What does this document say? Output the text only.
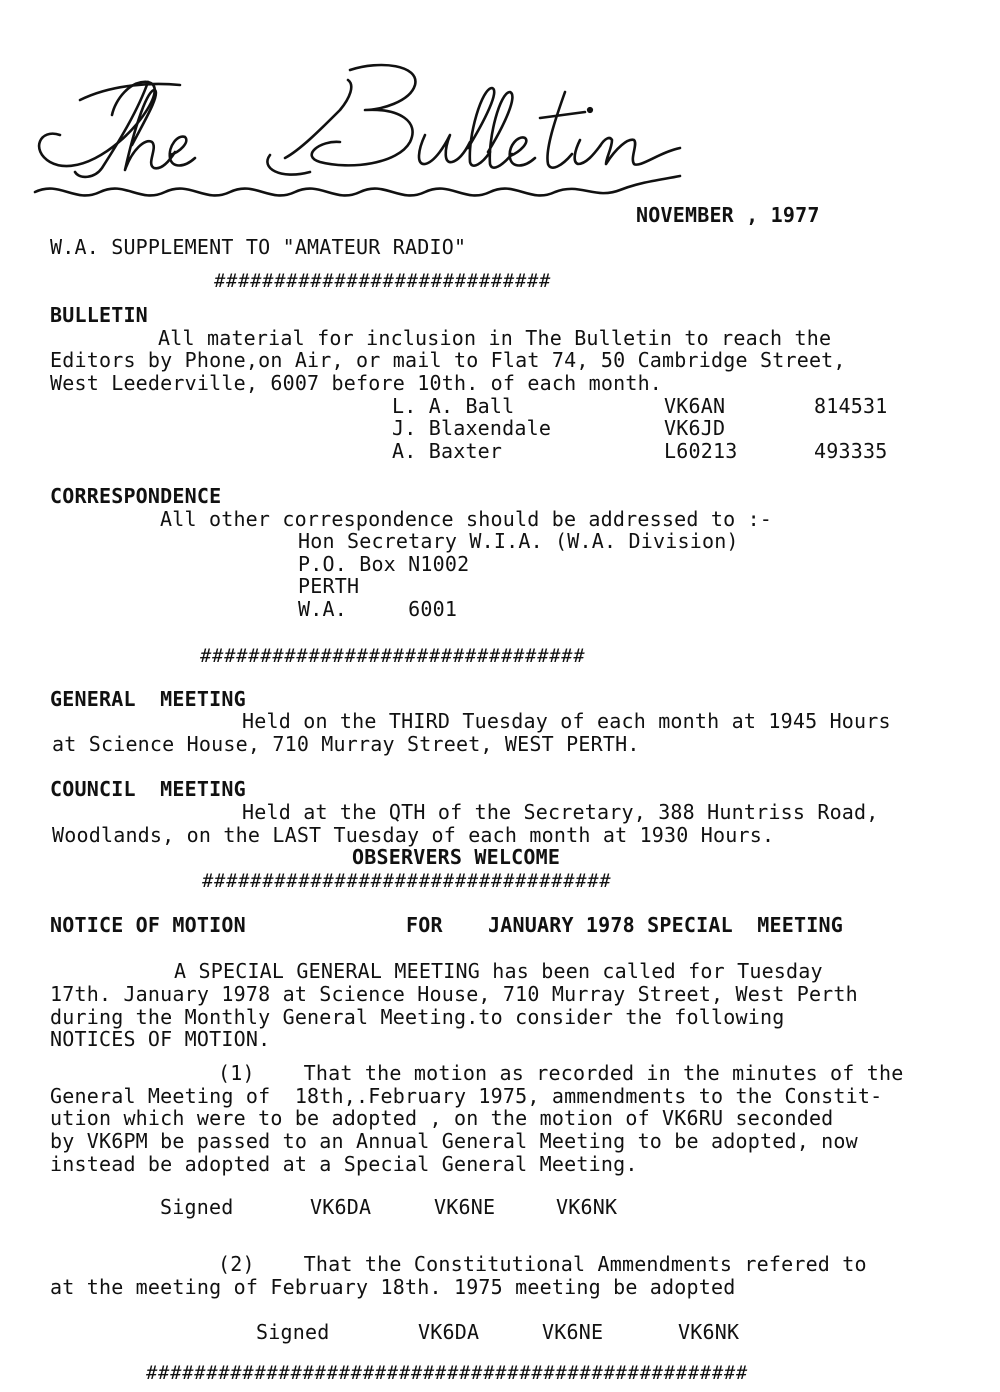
NOVEMBER , 1977
W.A. SUPPLEMENT TO "AMATEUR RADIO"
############################
BULLETIN
All material for inclusion in The Bulletin to reach the
Editors by Phone,on Air, or mail to Flat 74, 50 Cambridge Street,
West Leederville, 6007 before 10th. of each month.
L. A. Ball	VK6AN	814531
J. Blaxendale	VK6JD
A. Baxter	L60213	493335
CORRESPONDENCE
All other correspondence should be addressed to :-
Hon Secretary W.I.A. (W.A. Division)
P.O. Box N1002
PERTH
W.A.     6001
################################
GENERAL  MEETING
Held on the THIRD Tuesday of each month at 1945 Hours
at Science House, 710 Murray Street, WEST PERTH.
COUNCIL  MEETING
Held at the QTH of the Secretary, 388 Huntriss Road,
Woodlands, on the LAST Tuesday of each month at 1930 Hours.
OBSERVERS WELCOME
##################################
NOTICE OF MOTION	FOR JANUARY 1978 SPECIAL  MEETING
A SPECIAL GENERAL MEETING has been called for Tuesday
17th. January 1978 at Science House, 710 Murray Street, West Perth
during the Monthly General Meeting.to consider the following
NOTICES OF MOTION.
(1)    That the motion as recorded in the minutes of the
General Meeting of  18th,.February 1975, ammendments to the Constit-
ution which were to be adopted , on the motion of VK6RU seconded
by VK6PM be passed to an Annual General Meeting to be adopted, now
instead be adopted at a Special General Meeting.
Signed	VK6DA	VK6NE	VK6NK
(2)    That the Constitutional Ammendments refered to
at the meeting of February 18th. 1975 meeting be adopted
Signed	VK6DA	VK6NE	VK6NK
##################################################
